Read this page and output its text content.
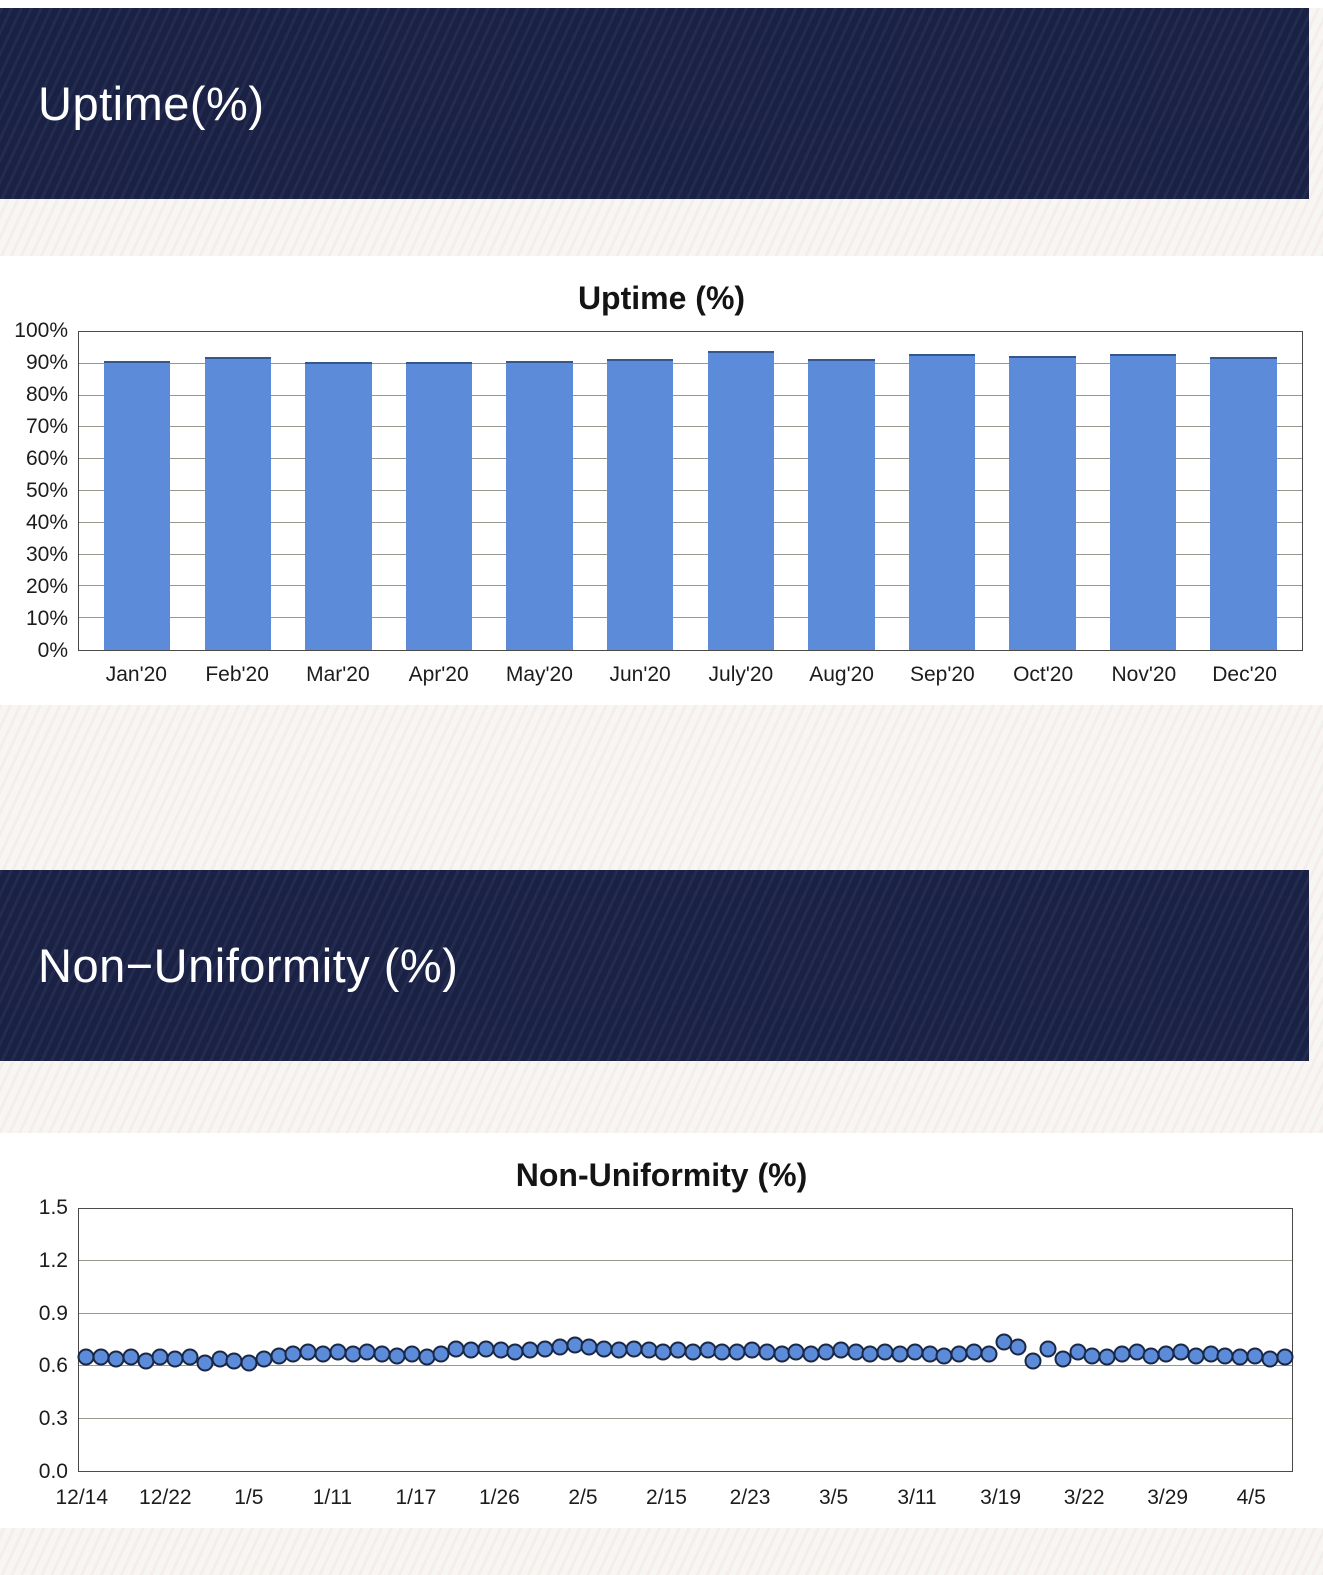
Uptime(%)
Uptime (%)
0%
10%
20%
30%
40%
50%
60%
70%
80%
90%
100%
Jan'20	Feb'20	Mar'20	Apr'20	May'20	Jun'20	July'20	Aug'20	Sep'20	Oct'20	Nov'20	Dec'20
Non−Uniformity (%)
Non-Uniformity (%)
0.0
0.3
0.6
0.9
1.2
1.5
12/14	12/22	1/5	1/11	1/17	1/26	2/5	2/15	2/23	3/5	3/11	3/19	3/22	3/29	4/5
